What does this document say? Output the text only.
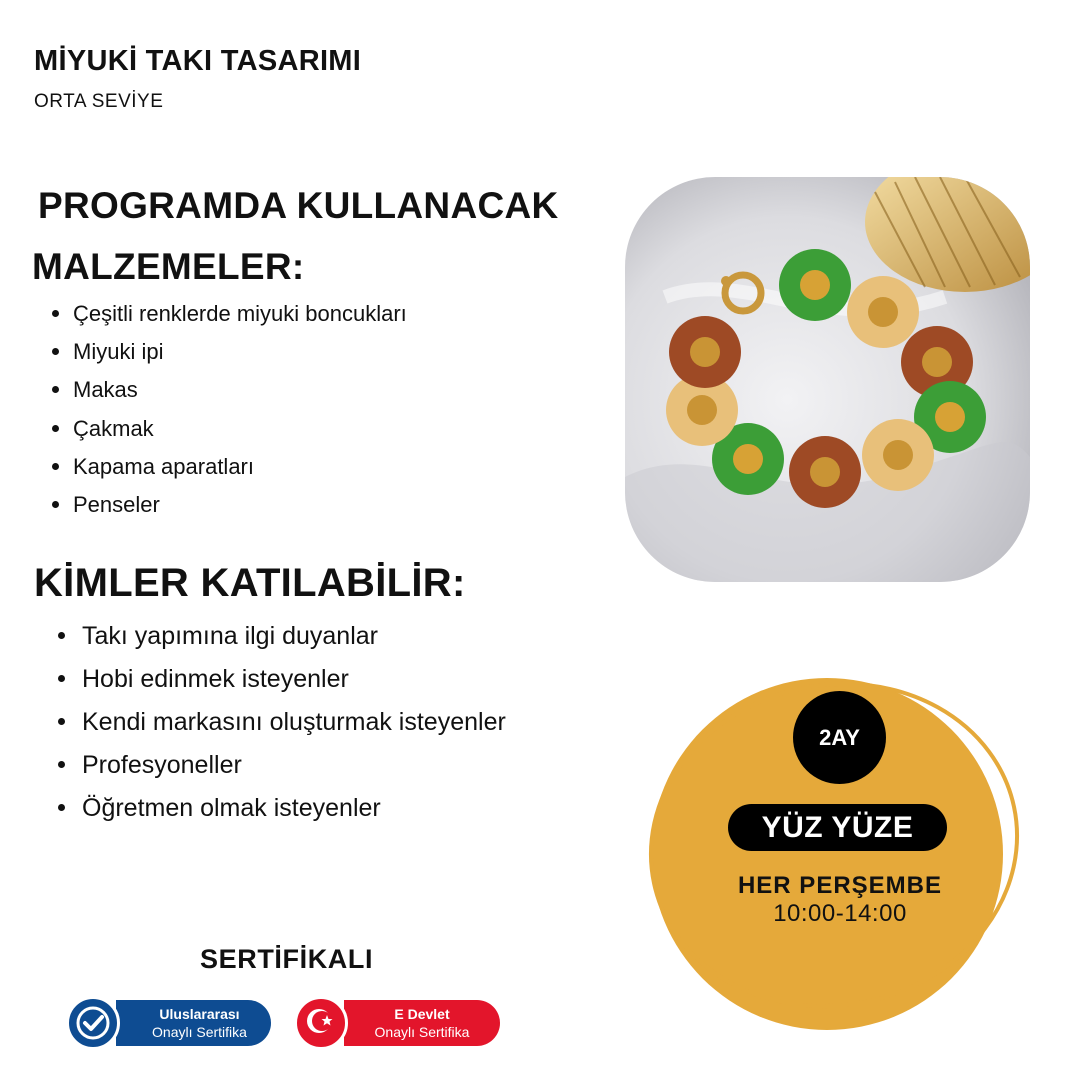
MİYUKİ TAKI TASARIMI
ORTA SEVİYE
PROGRAMDA KULLANACAK
MALZEMELER:
Çeşitli renklerde miyuki boncukları
Miyuki ipi
Makas
Çakmak
Kapama aparatları
Penseler
KİMLER KATILABİLİR:
Takı yapımına ilgi duyanlar
Hobi edinmek isteyenler
Kendi markasını oluşturmak isteyenler
Profesyoneller
Öğretmen olmak isteyenler
2AY
YÜZ YÜZE
HER PERŞEMBE
10:00-14:00
SERTİFİKALI
Uluslararası
Onaylı Sertifika
E Devlet
Onaylı Sertifika
